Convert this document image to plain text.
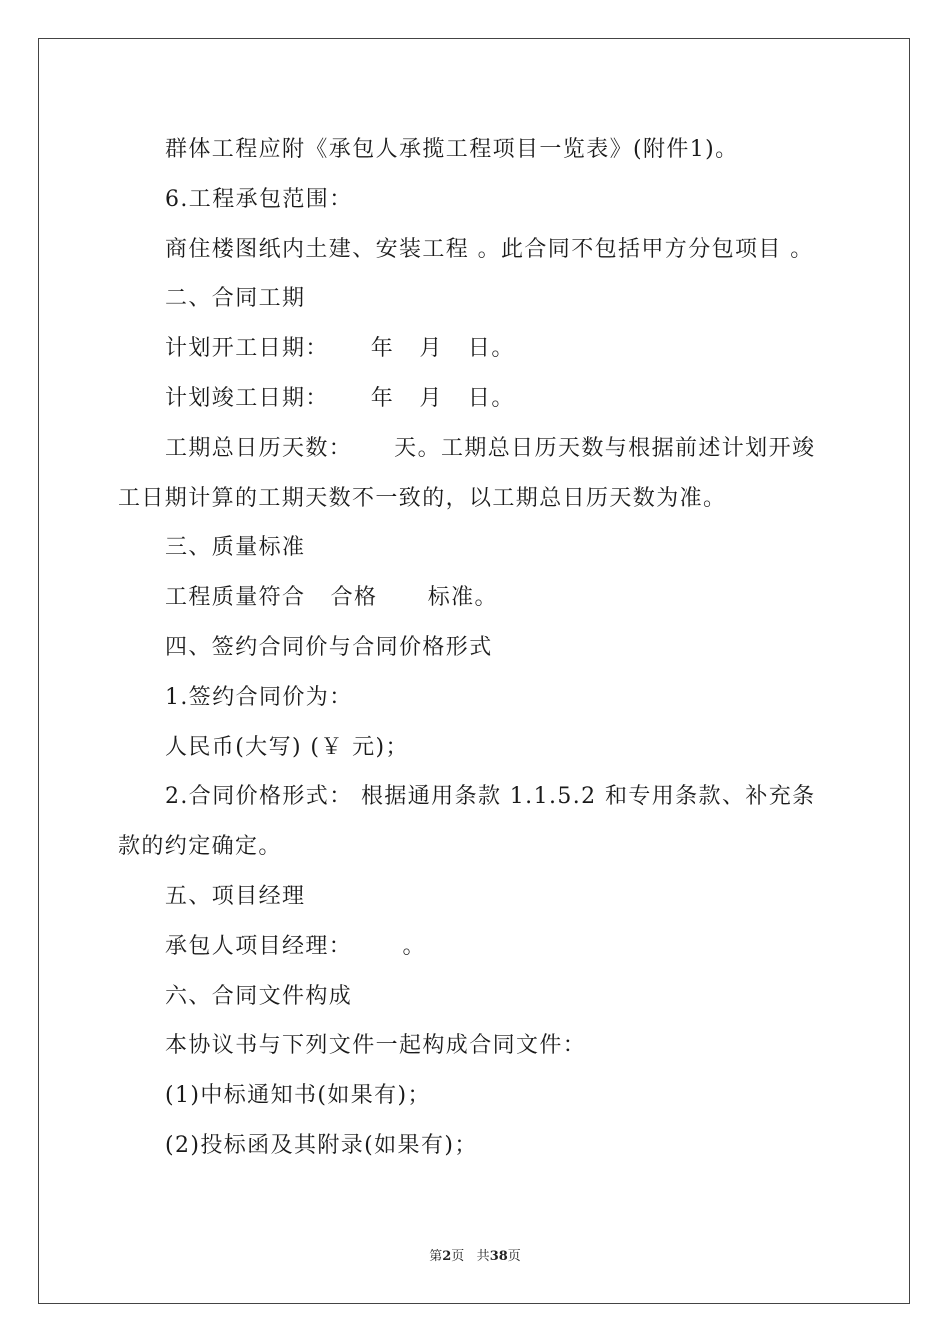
群体工程应附《承包人承揽工程项目一览表》(附件1)。
6.工程承包范围：
商住楼图纸内土建、安装工程 。此合同不包括甲方分包项目 。
二、合同工期
计划开工日期：     年   月   日。
计划竣工日期：     年   月   日。
工期总日历天数：     天。工期总日历天数与根据前述计划开竣
工日期计算的工期天数不一致的，以工期总日历天数为准。
三、质量标准
工程质量符合   合格      标准。
四、签约合同价与合同价格形式
1.签约合同价为：
人民币(大写) (￥ 元)；
2.合同价格形式： 根据通用条款 1.1.5.2 和专用条款、补充条
款的约定确定。
五、项目经理
承包人项目经理：      。
六、合同文件构成
本协议书与下列文件一起构成合同文件：
(1)中标通知书(如果有)；
(2)投标函及其附录(如果有)；
第2页 共38页
